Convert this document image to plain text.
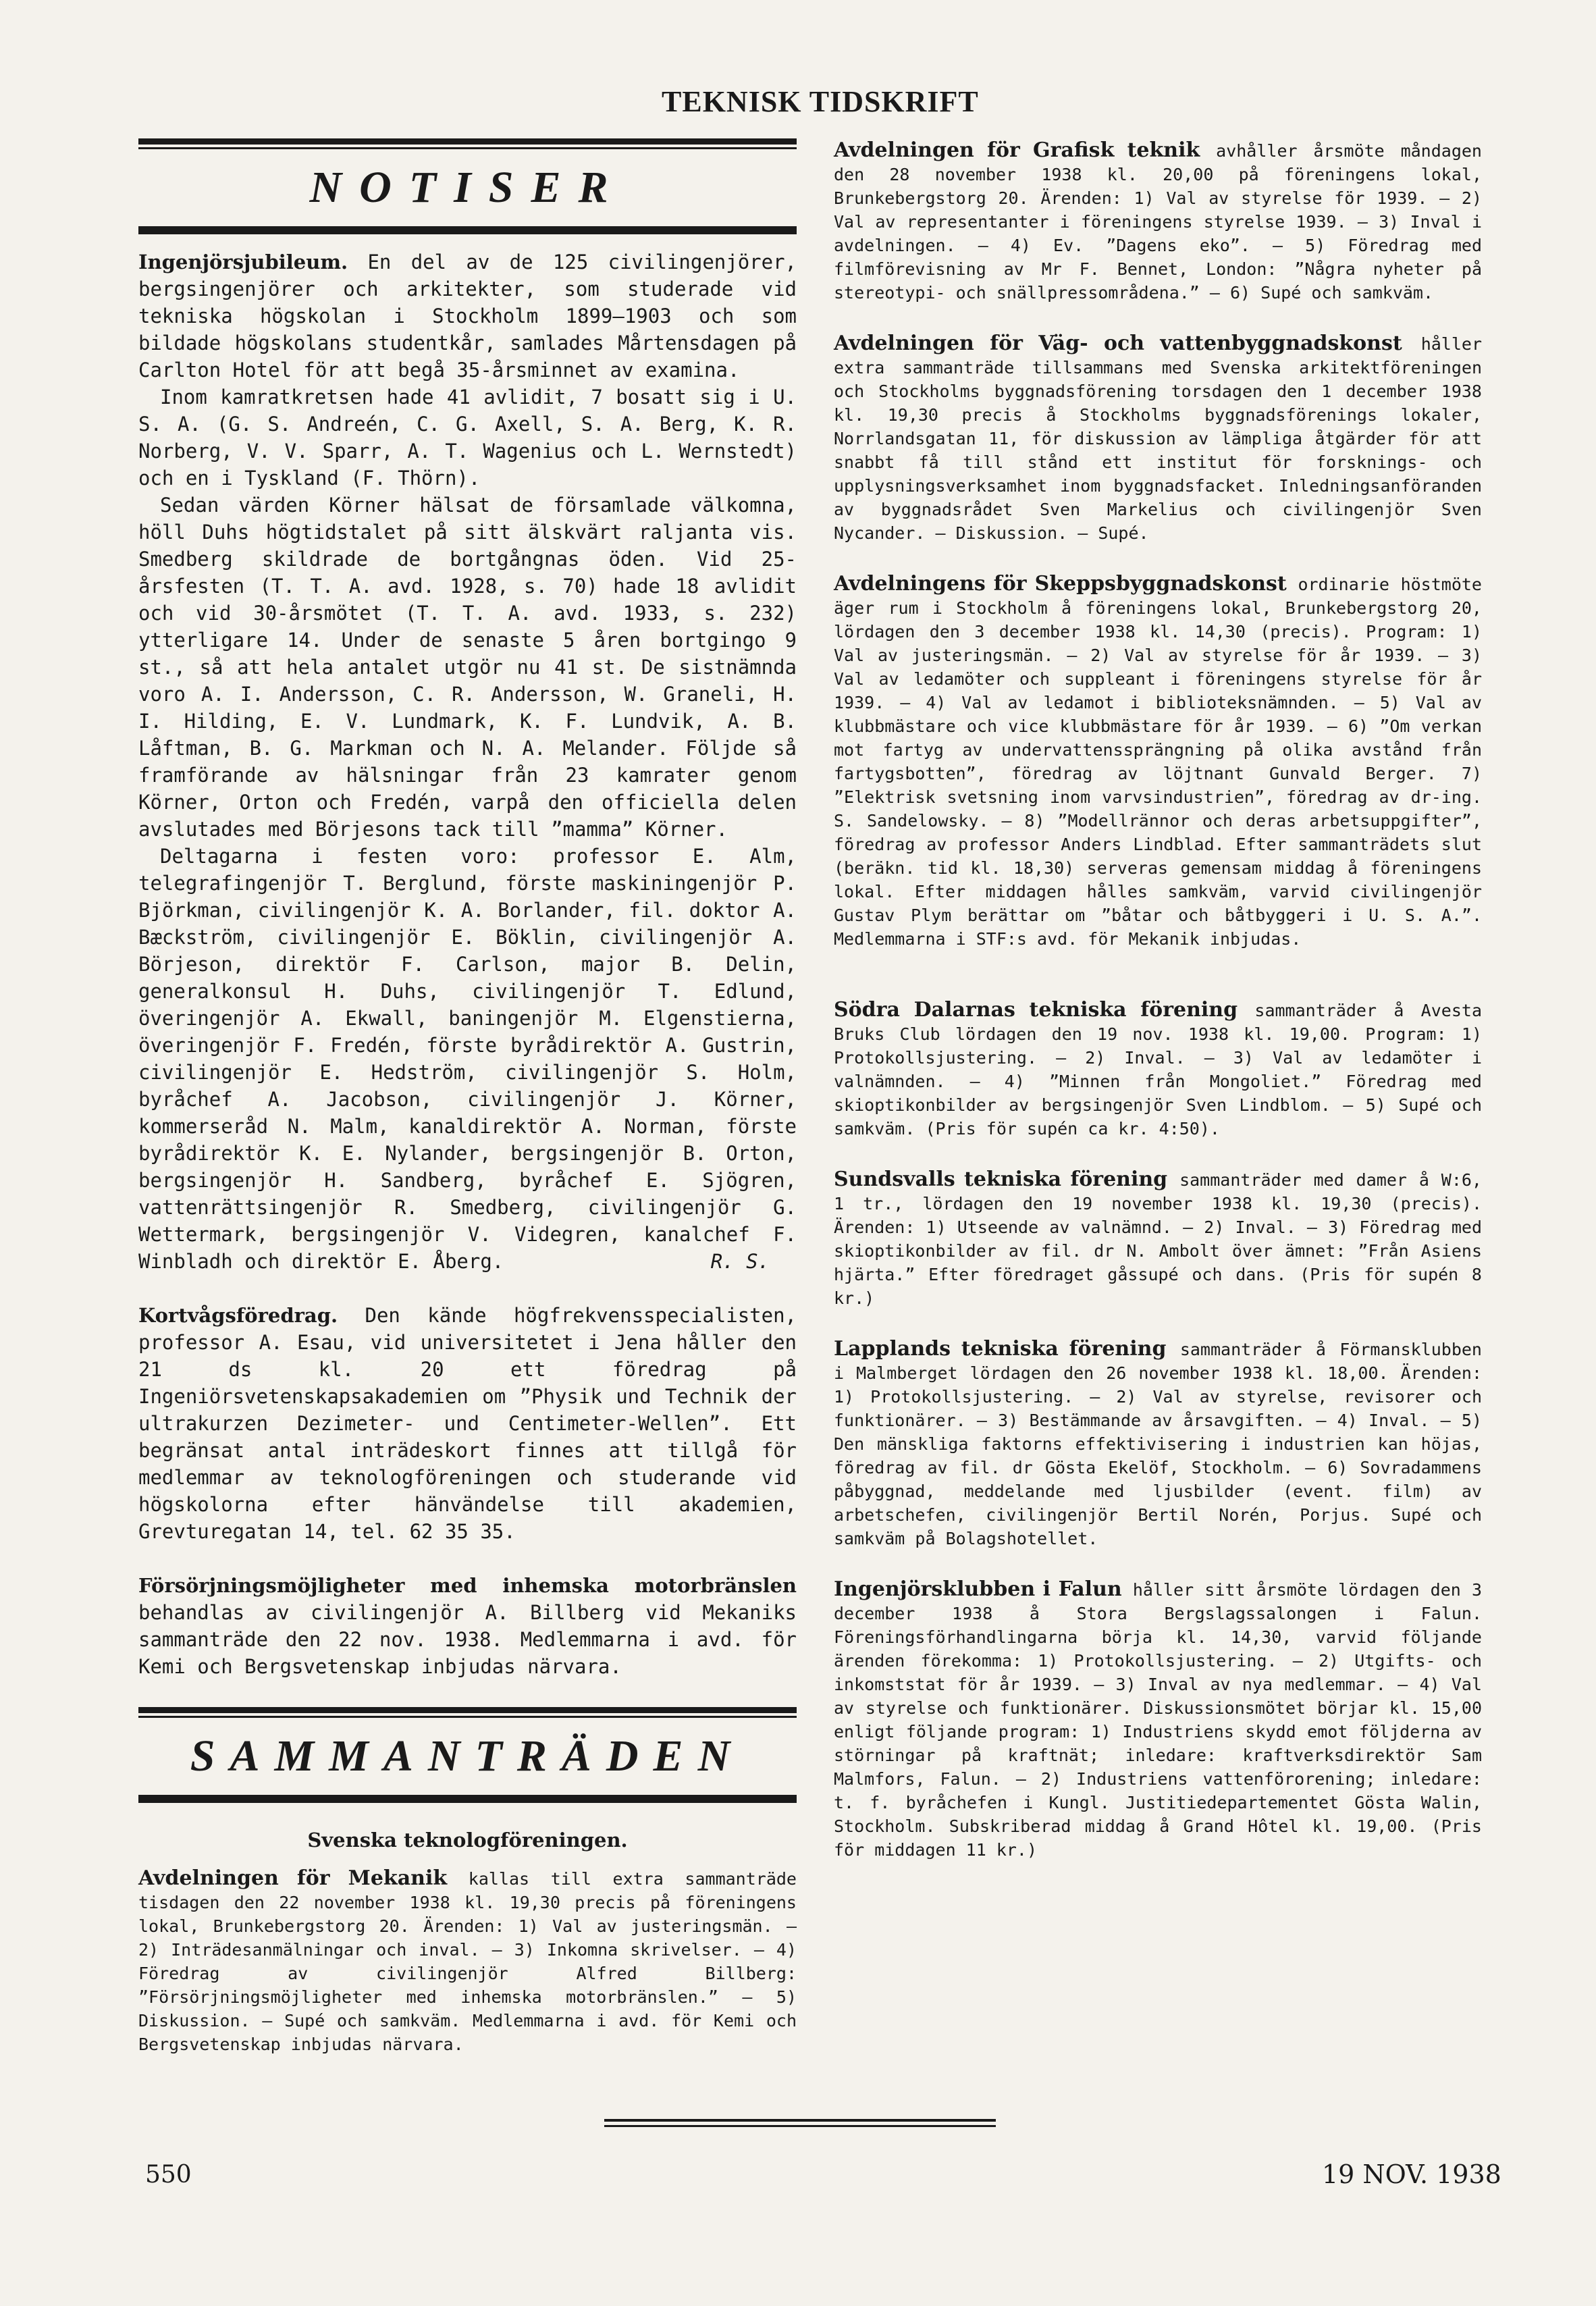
TEKNISK TIDSKRIFT
NOTISER

Ingenjörsjubileum. En del av de 125 civilingenjörer, bergsingenjörer och arkitekter, som studerade vid tekniska högskolan i Stockholm 1899—1903 och som bildade högskolans studentkår, samlades Mårtensdagen på Carlton Hotel för att begå 35-årsminnet av examina.

Inom kamratkretsen hade 41 avlidit, 7 bosatt sig i U. S. A. (G. S. Andreén, C. G. Axell, S. A. Berg, K. R. Norberg, V. V. Sparr, A. T. Wagenius och L. Wernstedt) och en i Tyskland (F. Thörn).

Sedan värden Körner hälsat de församlade välkomna, höll Duhs högtidstalet på sitt älskvärt raljanta vis. Smedberg skildrade de bortgångnas öden. Vid 25-årsfesten (T. T. A. avd. 1928, s. 70) hade 18 avlidit och vid 30-årsmötet (T. T. A. avd. 1933, s. 232) ytterligare 14. Under de senaste 5 åren bortgingo 9 st., så att hela antalet utgör nu 41 st. De sistnämnda voro A. I. Andersson, C. R. Andersson, W. Graneli, H. I. Hilding, E. V. Lundmark, K. F. Lundvik, A. B. Låftman, B. G. Markman och N. A. Melander. Följde så framförande av hälsningar från 23 kamrater genom Körner, Orton och Fredén, varpå den officiella delen avslutades med Börjesons tack till ”mamma” Körner.

Deltagarna i festen voro: professor E. Alm, telegrafingenjör T. Berglund, förste maskiningenjör P. Björkman, civilingenjör K. A. Borlander, fil. doktor A. Bæckström, civilingenjör E. Böklin, civilingenjör A. Börjeson, direktör F. Carlson, major B. Delin, generalkonsul H. Duhs, civilingenjör T. Edlund, överingenjör A. Ekwall, baningenjör M. Elgenstierna, överingenjör F. Fredén, förste byrådirektör A. Gustrin, civilingenjör E. Hedström, civilingenjör S. Holm, byråchef A. Jacobson, civilingenjör J. Körner, kommerseråd N. Malm, kanaldirektör A. Norman, förste byrådirektör K. E. Nylander, bergsingenjör B. Orton, bergsingenjör H. Sandberg, byråchef E. Sjögren, vattenrättsingenjör R. Smedberg, civilingenjör G. Wettermark, bergsingenjör V. Videgren, kanalchef F. Winbladh och direktör E. Åberg.	R. S.

Kortvågsföredrag. Den kände högfrekvensspecialisten, professor A. Esau, vid universitetet i Jena håller den 21 ds kl. 20 ett föredrag på Ingeniörsvetenskapsakademien om ”Physik und Technik der ultrakurzen Dezimeter- und Centimeter-Wellen”. Ett begränsat antal inträdeskort finnes att tillgå för medlemmar av teknologföreningen och studerande vid högskolorna efter hänvändelse till akademien, Grevturegatan 14, tel. 62 35 35.

Försörjningsmöjligheter med inhemska motorbränslen behandlas av civilingenjör A. Billberg vid Mekaniks sammanträde den 22 nov. 1938. Medlemmarna i avd. för Kemi och Bergsvetenskap inbjudas närvara.

SAMMANTRÄDEN
Svenska teknologföreningen.

Avdelningen för Mekanik kallas till extra sammanträde tisdagen den 22 november 1938 kl. 19,30 precis på föreningens lokal, Brunkebergstorg 20. Ärenden: 1) Val av justeringsmän. — 2) Inträdesanmälningar och inval. — 3) Inkomna skrivelser. — 4) Föredrag av civilingenjör Alfred Billberg: ”Försörjningsmöjligheter med inhemska motorbränslen.” — 5) Diskussion. — Supé och samkväm. Medlemmarna i avd. för Kemi och Bergsvetenskap inbjudas närvara.

Avdelningen för Grafisk teknik avhåller årsmöte måndagen den 28 november 1938 kl. 20,00 på föreningens lokal, Brunkebergstorg 20. Ärenden: 1) Val av styrelse för 1939. — 2) Val av representanter i föreningens styrelse 1939. — 3) Inval i avdelningen. — 4) Ev. ”Dagens eko”. — 5) Föredrag med filmförevisning av Mr F. Bennet, London: ”Några nyheter på stereotypi- och snällpressområdena.” — 6) Supé och samkväm.

Avdelningen för Väg- och vattenbyggnadskonst håller extra sammanträde tillsammans med Svenska arkitektföreningen och Stockholms byggnadsförening torsdagen den 1 december 1938 kl. 19,30 precis å Stockholms byggnadsförenings lokaler, Norrlandsgatan 11, för diskussion av lämpliga åtgärder för att snabbt få till stånd ett institut för forsknings- och upplysningsverksamhet inom byggnadsfacket. Inledningsanföranden av byggnadsrådet Sven Markelius och civilingenjör Sven Nycander. — Diskussion. — Supé.

Avdelningens för Skeppsbyggnadskonst ordinarie höstmöte äger rum i Stockholm å föreningens lokal, Brunkebergstorg 20, lördagen den 3 december 1938 kl. 14,30 (precis). Program: 1) Val av justeringsmän. — 2) Val av styrelse för år 1939. — 3) Val av ledamöter och suppleant i föreningens styrelse för år 1939. — 4) Val av ledamot i biblioteksnämnden. — 5) Val av klubbmästare och vice klubbmästare för år 1939. — 6) ”Om verkan mot fartyg av undervattenssprängning på olika avstånd från fartygsbotten”, föredrag av löjtnant Gunvald Berger. 7) ”Elektrisk svetsning inom varvsindustrien”, föredrag av dr-ing. S. Sandelowsky. — 8) ”Modellrännor och deras arbetsuppgifter”, föredrag av professor Anders Lindblad. Efter sammanträdets slut (beräkn. tid kl. 18,30) serveras gemensam middag å föreningens lokal. Efter middagen hålles samkväm, varvid civilingenjör Gustav Plym berättar om ”båtar och båtbyggeri i U. S. A.”. Medlemmarna i STF:s avd. för Mekanik inbjudas.

Södra Dalarnas tekniska förening sammanträder å Avesta Bruks Club lördagen den 19 nov. 1938 kl. 19,00. Program: 1) Protokollsjustering. — 2) Inval. — 3) Val av ledamöter i valnämnden. — 4) ”Minnen från Mongoliet.” Föredrag med skioptikonbilder av bergsingenjör Sven Lindblom. — 5) Supé och samkväm. (Pris för supén ca kr. 4:50).

Sundsvalls tekniska förening sammanträder med damer å W:6, 1 tr., lördagen den 19 november 1938 kl. 19,30 (precis). Ärenden: 1) Utseende av valnämnd. — 2) Inval. — 3) Föredrag med skioptikonbilder av fil. dr N. Ambolt över ämnet: ”Från Asiens hjärta.” Efter föredraget gåssupé och dans. (Pris för supén 8 kr.)

Lapplands tekniska förening sammanträder å Förmansklubben i Malmberget lördagen den 26 november 1938 kl. 18,00. Ärenden: 1) Protokollsjustering. — 2) Val av styrelse, revisorer och funktionärer. — 3) Bestämmande av årsavgiften. — 4) Inval. — 5) Den mänskliga faktorns effektivisering i industrien kan höjas, föredrag av fil. dr Gösta Ekelöf, Stockholm. — 6) Sovradammens påbyggnad, meddelande med ljusbilder (event. film) av arbetschefen, civilingenjör Bertil Norén, Porjus. Supé och samkväm på Bolagshotellet.

Ingenjörsklubben i Falun håller sitt årsmöte lördagen den 3 december 1938 å Stora Bergslagssalongen i Falun. Föreningsförhandlingarna börja kl. 14,30, varvid följande ärenden förekomma: 1) Protokollsjustering. — 2) Utgifts- och inkomststat för år 1939. — 3) Inval av nya medlemmar. — 4) Val av styrelse och funktionärer. Diskussionsmötet börjar kl. 15,00 enligt följande program: 1) Industriens skydd emot följderna av störningar på kraftnät; inledare: kraftverksdirektör Sam Malmfors, Falun. — 2) Industriens vattenförorening; inledare: t. f. byråchefen i Kungl. Justitiedepartementet Gösta Walin, Stockholm. Subskriberad middag å Grand Hôtel kl. 19,00. (Pris för middagen 11 kr.)

550	19 NOV. 1938
